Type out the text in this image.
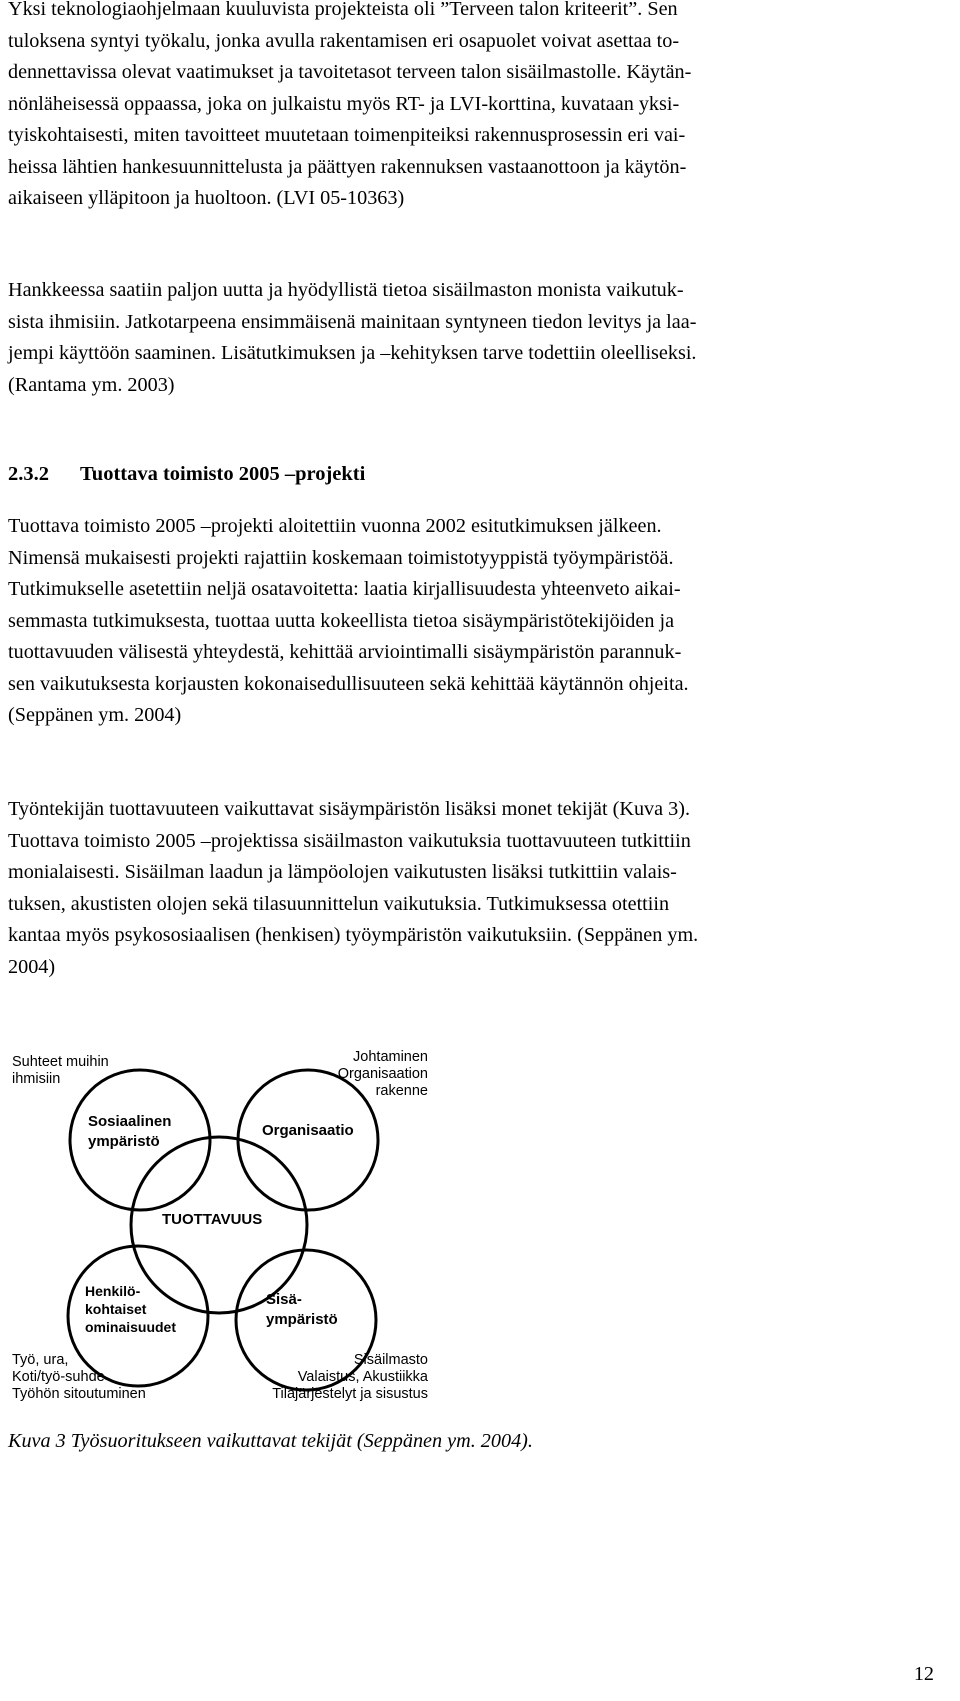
Yksi teknologiaohjelmaan kuuluvista projekteista oli ”Terveen talon kriteerit”. Sen
tuloksena syntyi työkalu, jonka avulla rakentamisen eri osapuolet voivat asettaa to-
dennettavissa olevat vaatimukset ja tavoitetasot terveen talon sisäilmastolle. Käytän-
nönläheisessä oppaassa, joka on julkaistu myös RT- ja LVI-korttina, kuvataan yksi-
tyiskohtaisesti, miten tavoitteet muutetaan toimenpiteiksi rakennusprosessin eri vai-
heissa lähtien hankesuunnittelusta ja päättyen rakennuksen vastaanottoon ja käytön-
aikaiseen ylläpitoon ja huoltoon. (LVI 05-10363)
Hankkeessa saatiin paljon uutta ja hyödyllistä tietoa sisäilmaston monista vaikutuk-
sista ihmisiin. Jatkotarpeena ensimmäisenä mainitaan syntyneen tiedon levitys ja laa-
jempi käyttöön saaminen. Lisätutkimuksen ja –kehityksen tarve todettiin oleelliseksi.
(Rantama ym. 2003)
2.3.2 Tuottava toimisto 2005 –projekti
Tuottava toimisto 2005 –projekti aloitettiin vuonna 2002 esitutkimuksen jälkeen.
Nimensä mukaisesti projekti rajattiin koskemaan toimistotyyppistä työympäristöä.
Tutkimukselle asetettiin neljä osatavoitetta: laatia kirjallisuudesta yhteenveto aikai-
semmasta tutkimuksesta, tuottaa uutta kokeellista tietoa sisäympäristötekijöiden ja
tuottavuuden välisestä yhteydestä, kehittää arviointimalli sisäympäristön parannuk-
sen vaikutuksesta korjausten kokonaisedullisuuteen sekä kehittää käytännön ohjeita.
(Seppänen ym. 2004)
Työntekijän tuottavuuteen vaikuttavat sisäympäristön lisäksi monet tekijät (Kuva 3).
Tuottava toimisto 2005 –projektissa sisäilmaston vaikutuksia tuottavuuteen tutkittiin
monialaisesti. Sisäilman laadun ja lämpöolojen vaikutusten lisäksi tutkittiin valais-
tuksen, akustisten olojen sekä tilasuunnittelun vaikutuksia. Tutkimuksessa otettiin
kantaa myös psykososiaalisen (henkisen) työympäristön vaikutuksiin. (Seppänen ym.
2004)
Suhteet muihin
ihmisiin
Johtaminen
Organisaation
rakenne
Työ, ura,
Koti/työ-suhde
Työhön sitoutuminen
Sisäilmasto
Valaistus, Akustiikka
Tilajärjestelyt ja sisustus
Sosiaalinen
ympäristö
Organisaatio
TUOTTAVUUS
Henkilö-
kohtaiset
ominaisuudet
Sisä-
ympäristö
Kuva 3 Työsuoritukseen vaikuttavat tekijät (Seppänen ym. 2004).
12
